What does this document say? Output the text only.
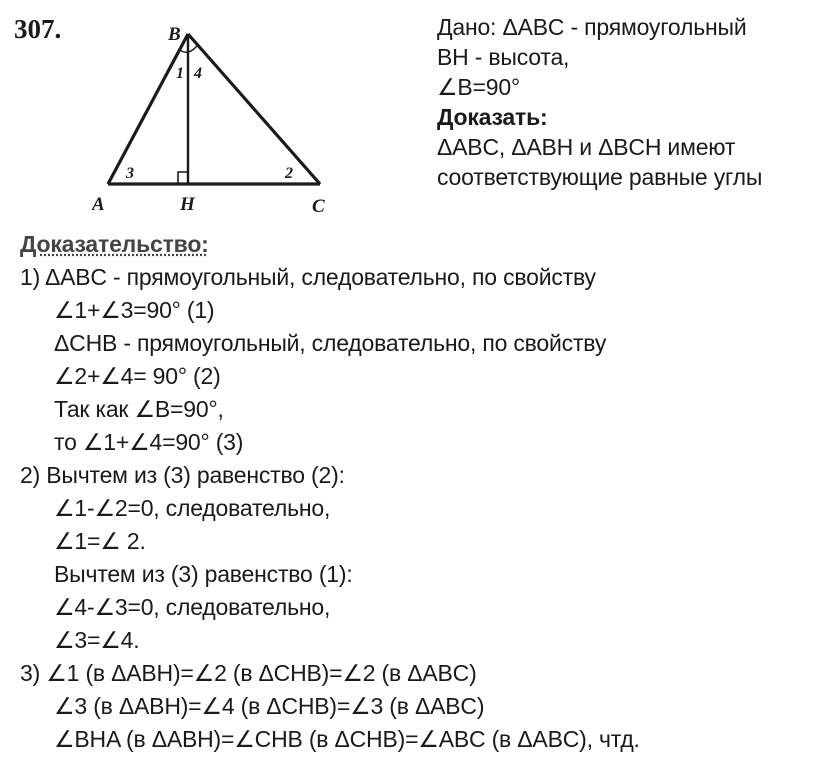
307.	B
A	H	C
1 4
3	2
Дано: ΔABC - прямоугольный
ВН - высота,
∠B=90°
Доказать:
ΔABC, ΔABH и ΔBCH имеют
соответствующие равные углы
Доказательство:
1) ΔABC - прямоугольный, следовательно, по свойству
∠1+∠3=90° (1)
ΔCHB - прямоугольный, следовательно, по свойству
∠2+∠4= 90° (2)
Так как ∠B=90°,
то ∠1+∠4=90° (3)
2) Вычтем из (3) равенство (2):
∠1-∠2=0, следовательно,
∠1=∠ 2.
Вычтем из (3) равенство (1):
∠4-∠3=0, следовательно,
∠3=∠4.
3) ∠1 (в ΔABH)=∠2 (в ΔCHB)=∠2 (в ΔABC)
∠3 (в ΔABH)=∠4 (в ΔCHB)=∠3 (в ΔABC)
∠BHA (в ΔABH)=∠CHB (в ΔCHB)=∠ABC (в ΔABC), чтд.
